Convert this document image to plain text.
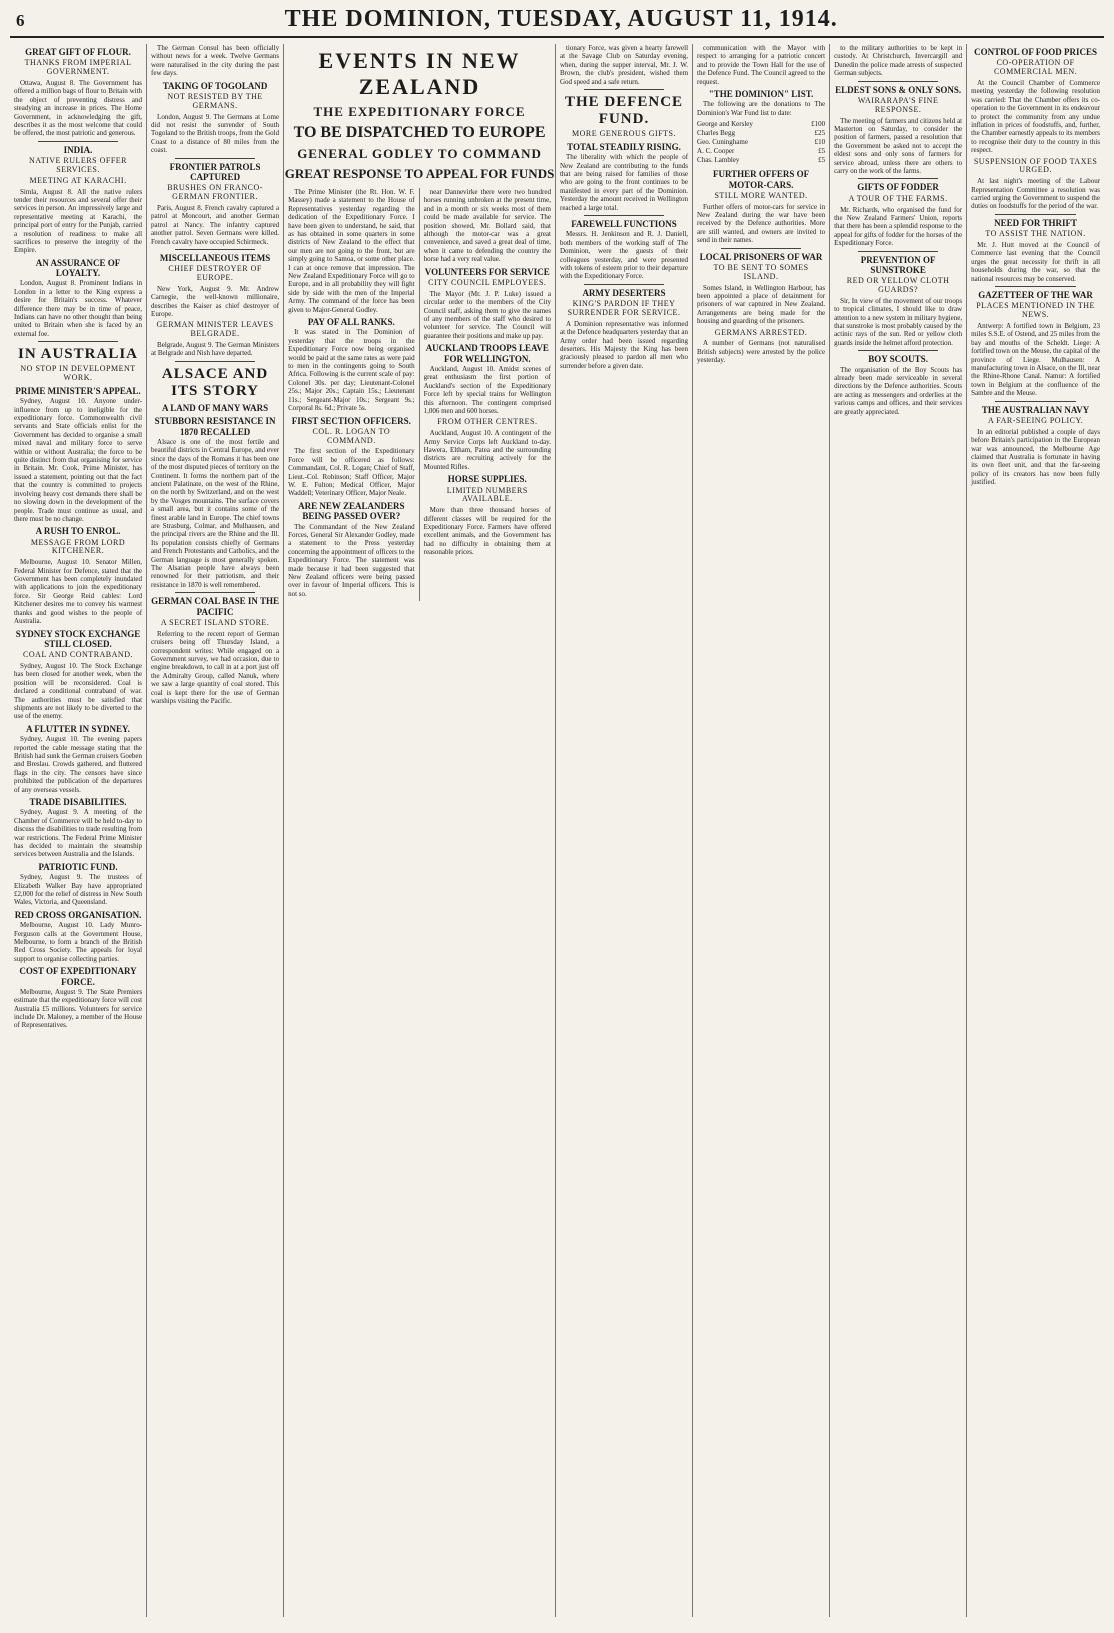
6	THE DOMINION, TUESDAY, AUGUST 11, 1914.
GREAT GIFT OF FLOUR.
THANKS FROM IMPERIAL GOVERNMENT.

Ottawa, August 8. The Government has offered a million bags of flour to Britain with the object of preventing distress and steadying an increase in prices. The Home Government, in acknowledging the gift, describes it as the most welcome that could be offered, the most patriotic and generous.

INDIA.
NATIVE RULERS OFFER SERVICES.
MEETING AT KARACHI.

Simla, August 8. All the native rulers tender their resources and several offer their services in person. An impressively large and representative meeting at Karachi, the principal port of entry for the Punjab, carried a resolution of readiness to make all sacrifices to preserve the integrity of the Empire.

AN ASSURANCE OF LOYALTY.

London, August 8. Prominent Indians in London in a letter to the King express a desire for Britain's success. Whatever difference there may be in time of peace, Indians can have no other thought than being united to Britain when she is faced by an external foe.

IN AUSTRALIA
NO STOP IN DEVELOPMENT WORK.
PRIME MINISTER'S APPEAL.

Sydney, August 10. Anyone under-influence from up to ineligible for the expeditionary force. Commonwealth civil servants and State officials enlist for the Government has decided to organise a small mixed naval and military force to serve within or without Australia; the force to be quite distinct from that organising for service in Britain. Mr. Cook, Prime Minister, has issued a statement, pointing out that the fact that the country is committed to projects involving heavy cost demands there shall be no slowing down in the development of the people. Trade must continue as usual, and there must be no change.

A RUSH TO ENROL.
MESSAGE FROM LORD KITCHENER.

Melbourne, August 10. Senator Millen, Federal Minister for Defence, stated that the Government has been completely inundated with applications to join the expeditionary force. Sir George Reid cables: Lord Kitchener desires me to convey his warmest thanks and good wishes to the people of Australia.

SYDNEY STOCK EXCHANGE STILL CLOSED.
COAL AND CONTRABAND.

Sydney, August 10. The Stock Exchange has been closed for another week, when the position will be reconsidered. Coal is declared a conditional contraband of war. The authorities must be satisfied that shipments are not likely to be diverted to the use of the enemy.

A FLUTTER IN SYDNEY.

Sydney, August 10. The evening papers reported the cable message stating that the British had sunk the German cruisers Goeben and Breslau. Crowds gathered, and fluttered flags in the city. The censors have since prohibited the publication of the departures of any overseas vessels.

TRADE DISABILITIES.

Sydney, August 9. A meeting of the Chamber of Commerce will be held to-day to discuss the disabilities to trade resulting from war restrictions. The Federal Prime Minister has decided to maintain the steamship services between Australia and the Islands.

PATRIOTIC FUND.

Sydney, August 9. The trustees of Elizabeth Walker Bay have appropriated £2,000 for the relief of distress in New South Wales, Victoria, and Queensland.

RED CROSS ORGANISATION.

Melbourne, August 10. Lady Munro-Ferguson calls at the Government House, Melbourne, to form a branch of the British Red Cross Society. The appeals for loyal support to organise collecting parties.

COST OF EXPEDITIONARY FORCE.

Melbourne, August 9. The State Premiers estimate that the expeditionary force will cost Australia £5 millions. Volunteers for service include Dr. Maloney, a member of the House of Representatives.

The German Consul has been officially without news for a week. Twelve Germans were naturalised in the city during the past few days.

TAKING OF TOGOLAND
NOT RESISTED BY THE GERMANS.

London, August 9. The Germans at Lome did not resist the surrender of South Togoland to the British troops, from the Gold Coast to a distance of 80 miles from the coast.

FRONTIER PATROLS CAPTURED
BRUSHES ON FRANCO-GERMAN FRONTIER.

Paris, August 8. French cavalry captured a patrol at Moncourt, and another German patrol at Nancy. The infantry captured another patrol. Seven Germans were killed. French cavalry have occupied Schirmeck.

MISCELLANEOUS ITEMS
CHIEF DESTROYER OF EUROPE.

New York, August 9. Mr. Andrew Carnegie, the well-known millionaire, describes the Kaiser as chief destroyer of Europe.

GERMAN MINISTER LEAVES BELGRADE.

Belgrade, August 9. The German Ministers at Belgrade and Nish have departed.

ALSACE AND ITS STORY
A LAND OF MANY WARS
STUBBORN RESISTANCE IN 1870 RECALLED

Alsace is one of the most fertile and beautiful districts in Central Europe, and ever since the days of the Romans it has been one of the most disputed pieces of territory on the Continent. It forms the northern part of the ancient Palatinate, on the west of the Rhine, on the north by Switzerland, and on the west by the Vosges mountains. The surface covers a small area, but it contains some of the finest arable land in Europe. The chief towns are Strasburg, Colmar, and Mulhausen, and the principal rivers are the Rhine and the Ill. Its population consists chiefly of Germans and French Protestants and Catholics, and the German language is most generally spoken. The Alsatian people have always been renowned for their patriotism, and their resistance in 1870 is well remembered.

GERMAN COAL BASE IN THE PACIFIC
A SECRET ISLAND STORE.

Referring to the recent report of German cruisers being off Thursday Island, a correspondent writes: While engaged on a Government survey, we had occasion, due to engine breakdown, to call in at a port just off the Admiralty Group, called Nanuk, where we saw a large quantity of coal stored. This coal is kept there for the use of German warships visiting the Pacific.

EVENTS IN NEW ZEALAND
THE EXPEDITIONARY FORCE
TO BE DISPATCHED TO EUROPE
GENERAL GODLEY TO COMMAND
GREAT RESPONSE TO APPEAL FOR FUNDS

The Prime Minister (the Rt. Hon. W. F. Massey) made a statement to the House of Representatives yesterday regarding the dedication of the Expeditionary Force. I have been given to understand, he said, that as has obtained in some quarters in some districts of New Zealand to the effect that our men are not going to the front, but are simply going to Samoa, or some other place. I can at once remove that impression. The New Zealand Expeditionary Force will go to Europe, and in all probability they will fight side by side with the men of the Imperial Army. The command of the force has been given to Major-General Godley.

PAY OF ALL RANKS.

It was stated in The Dominion of yesterday that the troops in the Expeditionary Force now being organised would be paid at the same rates as were paid to men in the contingents going to South Africa. Following is the current scale of pay: Colonel 30s. per day; Lieutenant-Colonel 25s.; Major 20s.; Captain 15s.; Lieutenant 11s.; Sergeant-Major 10s.; Sergeant 9s.; Corporal 8s. 6d.; Private 5s.

FIRST SECTION OFFICERS.
COL. R. LOGAN TO COMMAND.

The first section of the Expeditionary Force will be officered as follows: Commandant, Col. R. Logan; Chief of Staff, Lieut.-Col. Robinson; Staff Officer, Major W. E. Fulton; Medical Officer, Major Waddell; Veterinary Officer, Major Neale.

ARE NEW ZEALANDERS BEING PASSED OVER?

The Commandant of the New Zealand Forces, General Sir Alexander Godley, made a statement to the Press yesterday concerning the appointment of officers to the Expeditionary Force. The statement was made because it had been suggested that New Zealand officers were being passed over in favour of Imperial officers. This is not so.

near Dannevirke there were two hundred horses running unbroken at the present time, and in a month or six weeks most of them could be made available for service. The position showed, Mr. Bollard said, that although the motor-car was a great convenience, and saved a great deal of time, when it came to defending the country the horse had a very real value.

VOLUNTEERS FOR SERVICE
CITY COUNCIL EMPLOYEES.

The Mayor (Mr. J. P. Luke) issued a circular order to the members of the City Council staff, asking them to give the names of any members of the staff who desired to volunteer for service. The Council will guarantee their positions and make up pay.

AUCKLAND TROOPS LEAVE FOR WELLINGTON.

Auckland, August 10. Amidst scenes of great enthusiasm the first portion of Auckland's section of the Expeditionary Force left by special trains for Wellington this afternoon. The contingent comprised 1,006 men and 600 horses.

FROM OTHER CENTRES.

Auckland, August 10. A contingent of the Army Service Corps left Auckland to-day. Hawera, Eltham, Patea and the surrounding districts are recruiting actively for the Mounted Rifles.

HORSE SUPPLIES.
LIMITED NUMBERS AVAILABLE.

More than three thousand horses of different classes will be required for the Expeditionary Force. Farmers have offered excellent animals, and the Government has had no difficulty in obtaining them at reasonable prices.

tionary Force, was given a hearty farewell at the Savage Club on Saturday evening, when, during the supper interval, Mr. J. W. Brown, the club's president, wished them God speed and a safe return.

THE DEFENCE FUND.
MORE GENEROUS GIFTS.
TOTAL STEADILY RISING.

The liberality with which the people of New Zealand are contributing to the funds that are being raised for families of those who are going to the front continues to be manifested in every part of the Dominion. Yesterday the amount received in Wellington reached a large total.

FAREWELL FUNCTIONS

Messrs. H. Jenkinson and R. J. Daniell, both members of the working staff of The Dominion, were the guests of their colleagues yesterday, and were presented with tokens of esteem prior to their departure with the Expeditionary Force.

ARMY DESERTERS
KING'S PARDON IF THEY SURRENDER FOR SERVICE.

A Dominion representative was informed at the Defence headquarters yesterday that an Army order had been issued regarding deserters. His Majesty the King has been graciously pleased to pardon all men who surrender before a given date.

communication with the Mayor with respect to arranging for a patriotic concert and to provide the Town Hall for the use of the Defence Fund. The Council agreed to the request.

"THE DOMINION" LIST.

The following are the donations to The Dominion's War Fund list to date:

George and Kersley	£100
Charles Begg	£25
Geo. Cuninghame	£10
A. C. Cooper	£5
Chas. Lambley	£5
FURTHER OFFERS OF MOTOR-CARS.
STILL MORE WANTED.

Further offers of motor-cars for service in New Zealand during the war have been received by the Defence authorities. More are still wanted, and owners are invited to send in their names.

LOCAL PRISONERS OF WAR
TO BE SENT TO SOMES ISLAND.

Somes Island, in Wellington Harbour, has been appointed a place of detainment for prisoners of war captured in New Zealand. Arrangements are being made for the housing and guarding of the prisoners.

GERMANS ARRESTED.

A number of Germans (not naturalised British subjects) were arrested by the police yesterday.

to the military authorities to be kept in custody. At Christchurch, Invercargill and Dunedin the police made arrests of suspected German subjects.

ELDEST SONS & ONLY SONS.
WAIRARAPA'S FINE RESPONSE.

The meeting of farmers and citizens held at Masterton on Saturday, to consider the position of farmers, passed a resolution that the Government be asked not to accept the eldest sons and only sons of farmers for service abroad, unless there are others to carry on the work of the farms.

GIFTS OF FODDER
A TOUR OF THE FARMS.

Mr. Richards, who organised the fund for the New Zealand Farmers' Union, reports that there has been a splendid response to the appeal for gifts of fodder for the horses of the Expeditionary Force.

PREVENTION OF SUNSTROKE
RED OR YELLOW CLOTH GUARDS?

Sir, In view of the movement of our troops to tropical climates, I should like to draw attention to a new system in military hygiene, that sunstroke is most probably caused by the actinic rays of the sun. Red or yellow cloth guards inside the helmet afford protection.

BOY SCOUTS.

The organisation of the Boy Scouts has already been made serviceable in several directions by the Defence authorities. Scouts are acting as messengers and orderlies at the various camps and offices, and their services are greatly appreciated.

CONTROL OF FOOD PRICES
CO-OPERATION OF COMMERCIAL MEN.

At the Council Chamber of Commerce meeting yesterday the following resolution was carried: That the Chamber offers its co-operation to the Government in its endeavour to protect the community from any undue inflation in prices of foodstuffs, and, further, the Chamber earnestly appeals to its members to recognise their duty to the country in this respect.

SUSPENSION OF FOOD TAXES URGED.

At last night's meeting of the Labour Representation Committee a resolution was carried urging the Government to suspend the duties on foodstuffs for the period of the war.

NEED FOR THRIFT
TO ASSIST THE NATION.

Mr. J. Hutt moved at the Council of Commerce last evening that the Council urges the great necessity for thrift in all households during the war, so that the national resources may be conserved.

GAZETTEER OF THE WAR
PLACES MENTIONED IN THE NEWS.

Antwerp: A fortified town in Belgium, 23 miles S.S.E. of Ostend, and 25 miles from the bay and mouths of the Scheldt. Liege: A fortified town on the Meuse, the capital of the province of Liege. Mulhausen: A manufacturing town in Alsace, on the Ill, near the Rhine-Rhone Canal. Namur: A fortified town in Belgium at the confluence of the Sambre and the Meuse.

THE AUSTRALIAN NAVY
A FAR-SEEING POLICY.

In an editorial published a couple of days before Britain's participation in the European war was announced, the Melbourne Age claimed that Australia is fortunate in having its own fleet unit, and that the far-seeing policy of its creators has now been fully justified.
